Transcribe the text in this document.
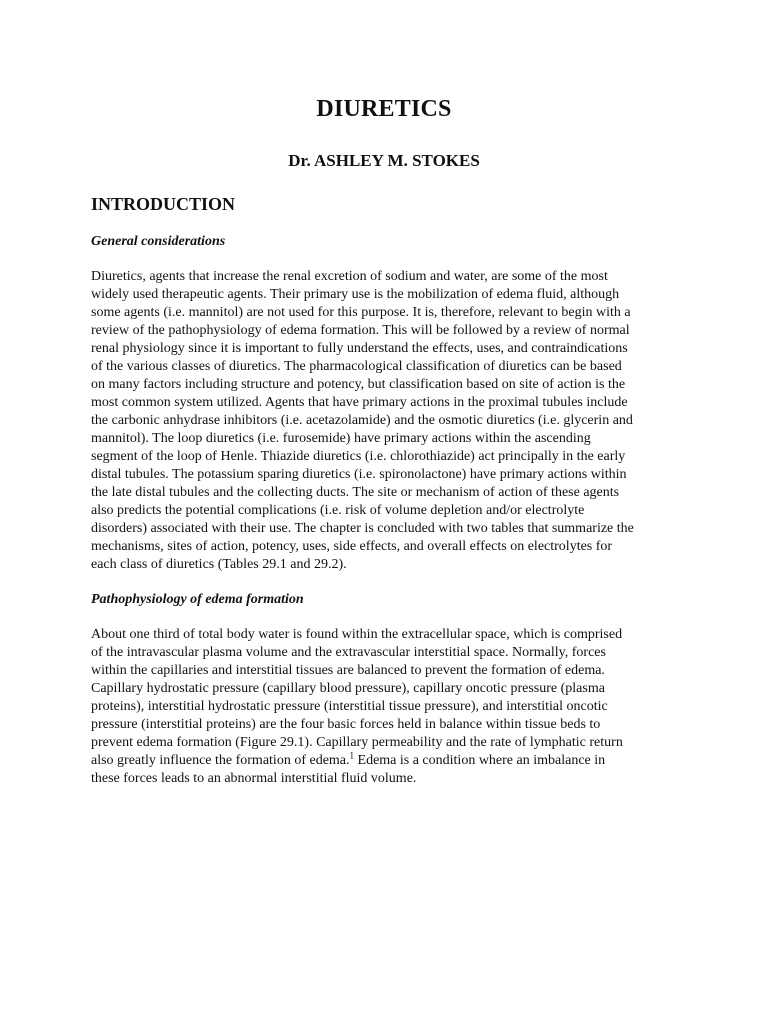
DIURETICS
Dr. ASHLEY M. STOKES
INTRODUCTION
General considerations

Diuretics, agents that increase the renal excretion of sodium and water, are some of the most
widely used therapeutic agents. Their primary use is the mobilization of edema fluid, although
some agents (i.e. mannitol) are not used for this purpose. It is, therefore, relevant to begin with a
review of the pathophysiology of edema formation. This will be followed by a review of normal
renal physiology since it is important to fully understand the effects, uses, and contraindications
of the various classes of diuretics. The pharmacological classification of diuretics can be based
on many factors including structure and potency, but classification based on site of action is the
most common system utilized. Agents that have primary actions in the proximal tubules include
the carbonic anhydrase inhibitors (i.e. acetazolamide) and the osmotic diuretics (i.e. glycerin and
mannitol). The loop diuretics (i.e. furosemide) have primary actions within the ascending
segment of the loop of Henle. Thiazide diuretics (i.e. chlorothiazide) act principally in the early
distal tubules. The potassium sparing diuretics (i.e. spironolactone) have primary actions within
the late distal tubules and the collecting ducts. The site or mechanism of action of these agents
also predicts the potential complications (i.e. risk of volume depletion and/or electrolyte
disorders) associated with their use. The chapter is concluded with two tables that summarize the
mechanisms, sites of action, potency, uses, side effects, and overall effects on electrolytes for
each class of diuretics (Tables 29.1 and 29.2).

Pathophysiology of edema formation

About one third of total body water is found within the extracellular space, which is comprised
of the intravascular plasma volume and the extravascular interstitial space. Normally, forces
within the capillaries and interstitial tissues are balanced to prevent the formation of edema.
Capillary hydrostatic pressure (capillary blood pressure), capillary oncotic pressure (plasma
proteins), interstitial hydrostatic pressure (interstitial tissue pressure), and interstitial oncotic
pressure (interstitial proteins) are the four basic forces held in balance within tissue beds to
prevent edema formation (Figure 29.1). Capillary permeability and the rate of lymphatic return
also greatly influence the formation of edema.$^1$ Edema is a condition where an imbalance in
these forces leads to an abnormal interstitial fluid volume.
